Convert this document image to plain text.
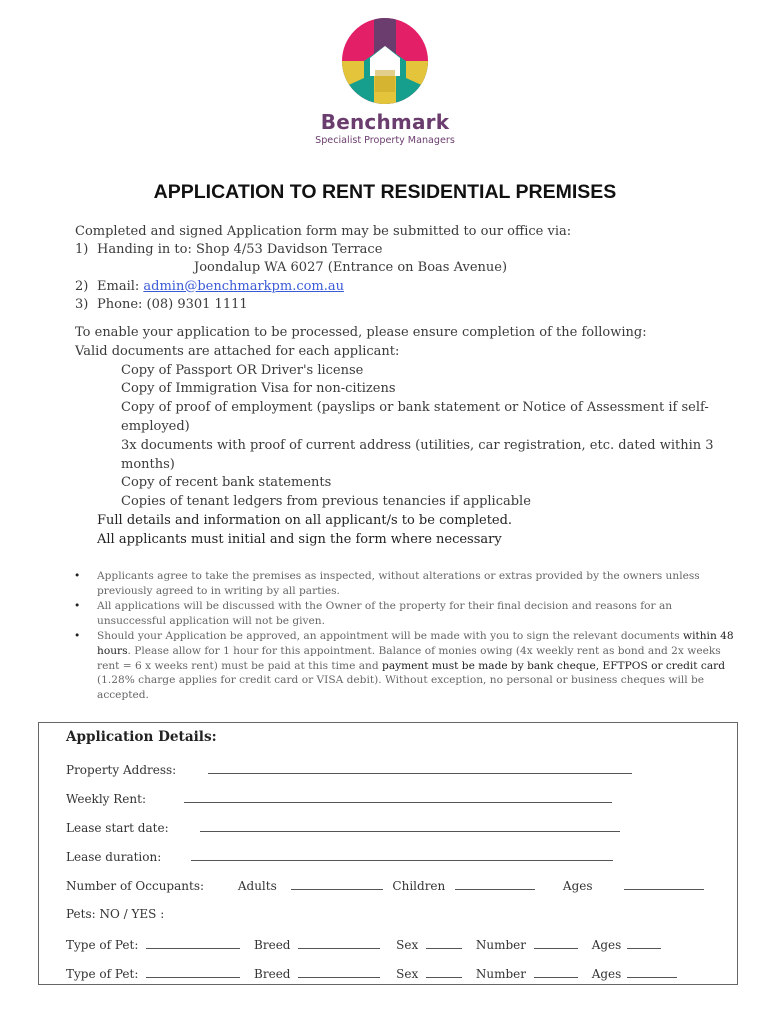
Benchmark
Specialist Property Managers
APPLICATION TO RENT RESIDENTIAL PREMISES
Completed and signed Application form may be submitted to our office via:
1) Handing in to: Shop 4/53 Davidson Terrace
Joondalup WA 6027 (Entrance on Boas Avenue)
2) Email: admin@benchmarkpm.com.au
3) Phone: (08) 9301 1111
To enable your application to be processed, please ensure completion of the following:
Valid documents are attached for each applicant:
Copy of Passport OR Driver's license
Copy of Immigration Visa for non-citizens
Copy of proof of employment (payslips or bank statement or Notice of Assessment if self-employed)
3x documents with proof of current address (utilities, car registration, etc. dated within 3 months)
Copy of recent bank statements
Copies of tenant ledgers from previous tenancies if applicable
Full details and information on all applicant/s to be completed.
All applicants must initial and sign the form where necessary
• Applicants agree to take the premises as inspected, without alterations or extras provided by the owners unless previously agreed to in writing by all parties.
• All applications will be discussed with the Owner of the property for their final decision and reasons for an unsuccessful application will not be given.
• Should your Application be approved, an appointment will be made with you to sign the relevant documents within 48 hours. Please allow for 1 hour for this appointment. Balance of monies owing (4x weekly rent as bond and 2x weeks rent = 6 x weeks rent) must be paid at this time and payment must be made by bank cheque, EFTPOS or credit card (1.28% charge applies for credit card or VISA debit). Without exception, no personal or business cheques will be accepted.
Application Details:
Property Address:
Weekly Rent:
Lease start date:
Lease duration:
Number of Occupants:	Adults	Children	Ages
Pets: NO / YES :
Type of Pet:	Breed	Sex	Number	Ages
Type of Pet:	Breed	Sex	Number	Ages
